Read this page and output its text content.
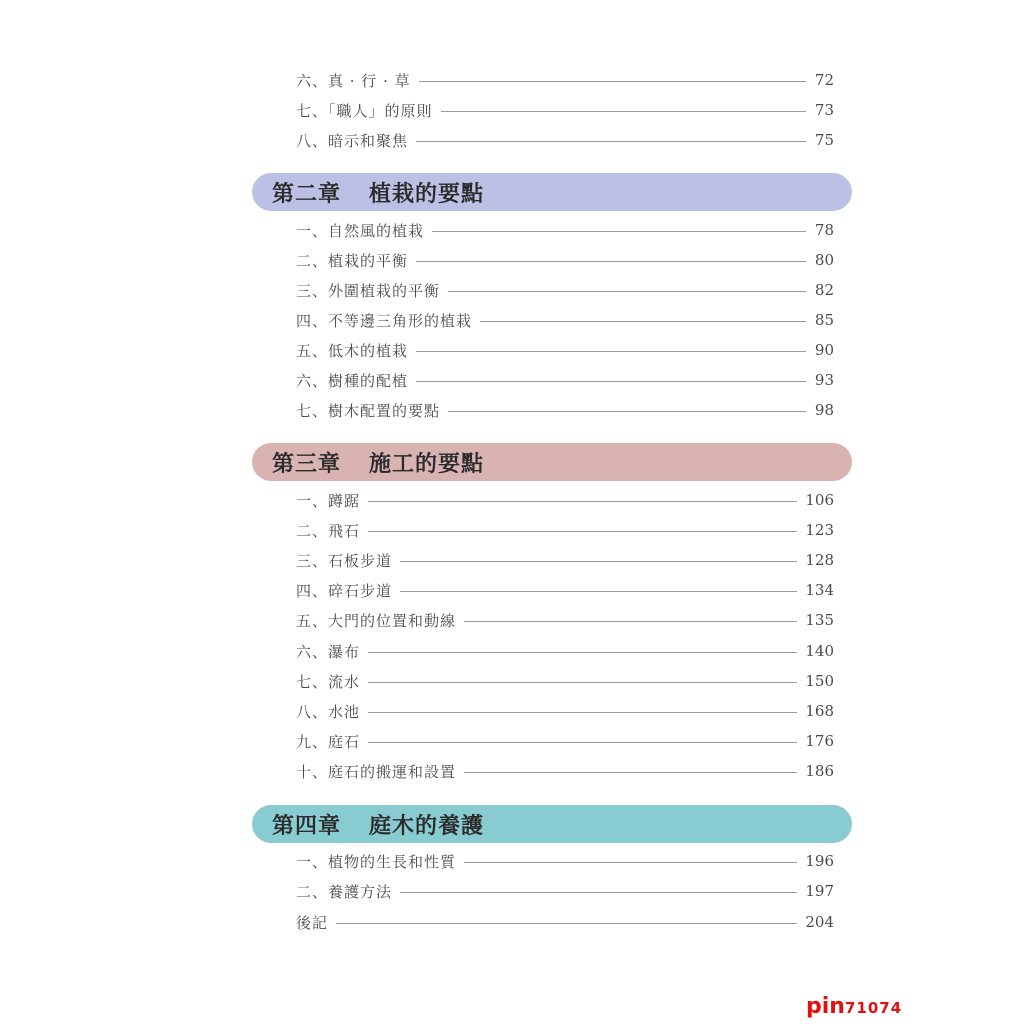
六、真 · 行 · 草	72
七、「職人」的原則	73
八、暗示和聚焦	75
第二章 植栽的要點
一、自然風的植栽	78
二、植栽的平衡	80
三、外圍植栽的平衡	82
四、不等邊三角形的植栽	85
五、低木的植栽	90
六、樹種的配植	93
七、樹木配置的要點	98
第三章 施工的要點
一、蹲踞	106
二、飛石	123
三、石板步道	128
四、碎石步道	134
五、大門的位置和動線	135
六、瀑布	140
七、流水	150
八、水池	168
九、庭石	176
十、庭石的搬運和設置	186
第四章 庭木的養護
一、植物的生長和性質	196
二、養護方法	197
後記	204
pin71074
